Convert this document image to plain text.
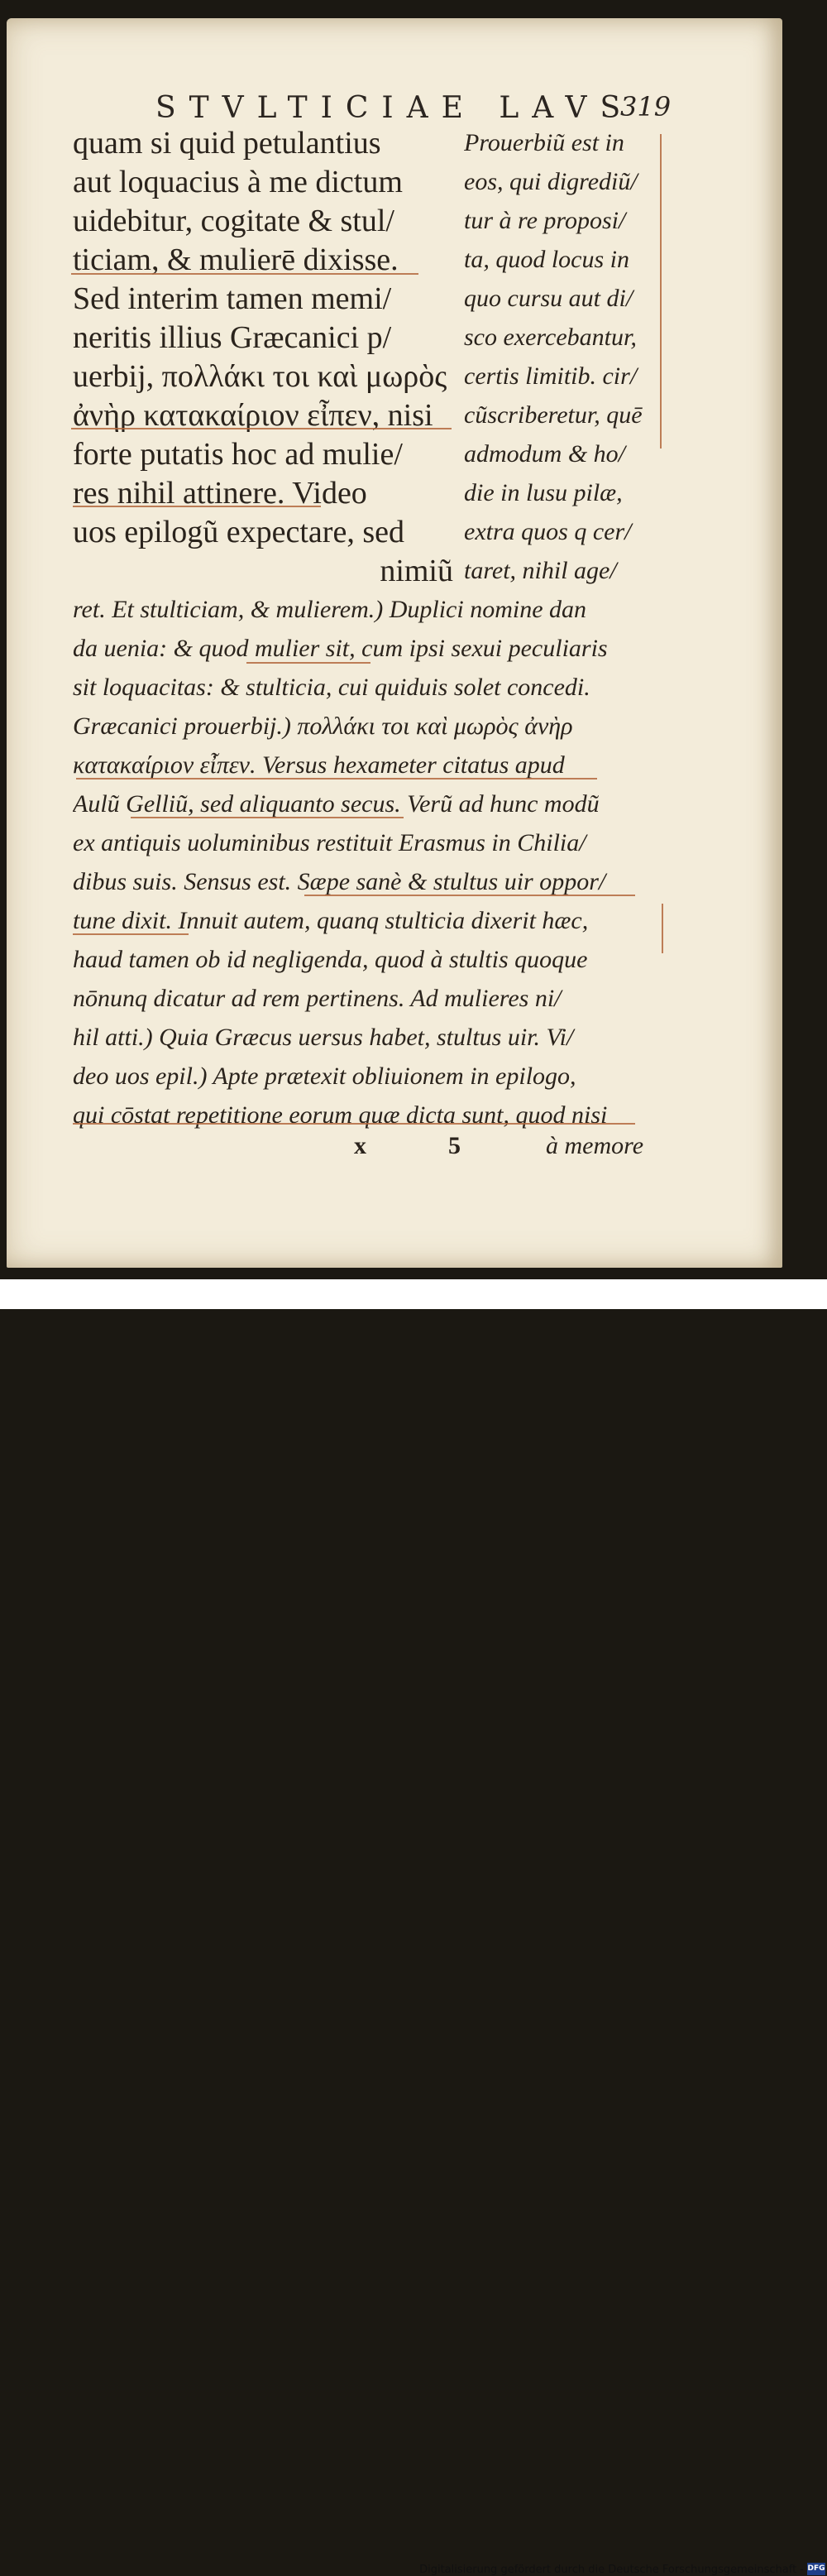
STVLTICIAE LAVS
319
quam si quid petulantius
aut loquacius à me dictum
uidebitur, cogitate & stul/
ticiam, & mulierē dixisse.
Sed interim tamen memi/
neritis illius Græcanici p/
uerbij, πολλάκι τοι καὶ μωρὸς
ἀνὴρ κατακαίριον εἶπεν, nisi
forte putatis hoc ad mulie/
res nihil attinere. Video
uos epilogũ expectare, sed
nimiũ
Prouerbiũ est in
eos, qui digrediũ/
tur à re proposi/
ta, quod locus in
quo cursu aut di/
sco exercebantur,
certis limitib. cir/
cũscriberetur, quē
admodum & ho/
die in lusu pilæ,
extra quos q cer/
taret, nihil age/
ret. Et stulticiam, & mulierem.) Duplici nomine dan
da uenia: & quod mulier sit, cum ipsi sexui peculiaris
sit loquacitas: & stulticia, cui quiduis solet concedi.
Græcanici prouerbij.) πολλάκι τοι καὶ μωρὸς ἀνὴρ
κατακαίριον εἶπεν. Versus hexameter citatus apud
Aulũ Gelliũ, sed aliquanto secus. Verũ ad hunc modũ
ex antiquis uoluminibus restituit Erasmus in Chilia/
dibus suis. Sensus est. Sæpe sanè & stultus uir oppor/
tune dixit. Innuit autem, quanq stulticia dixerit hæc,
haud tamen ob id negligenda, quod à stultis quoque
nōnunq dicatur ad rem pertinens. Ad mulieres ni/
hil atti.) Quia Græcus uersus habet, stultus uir. Vi/
deo uos epil.) Apte prætexit obliuionem in epilogo,
qui cōstat repetitione eorum quæ dicta sunt, quod nisi
x	5	à memore
Digitalisierung gefördert durch die Deutsche Forschungsgemeinschaft - DFG
